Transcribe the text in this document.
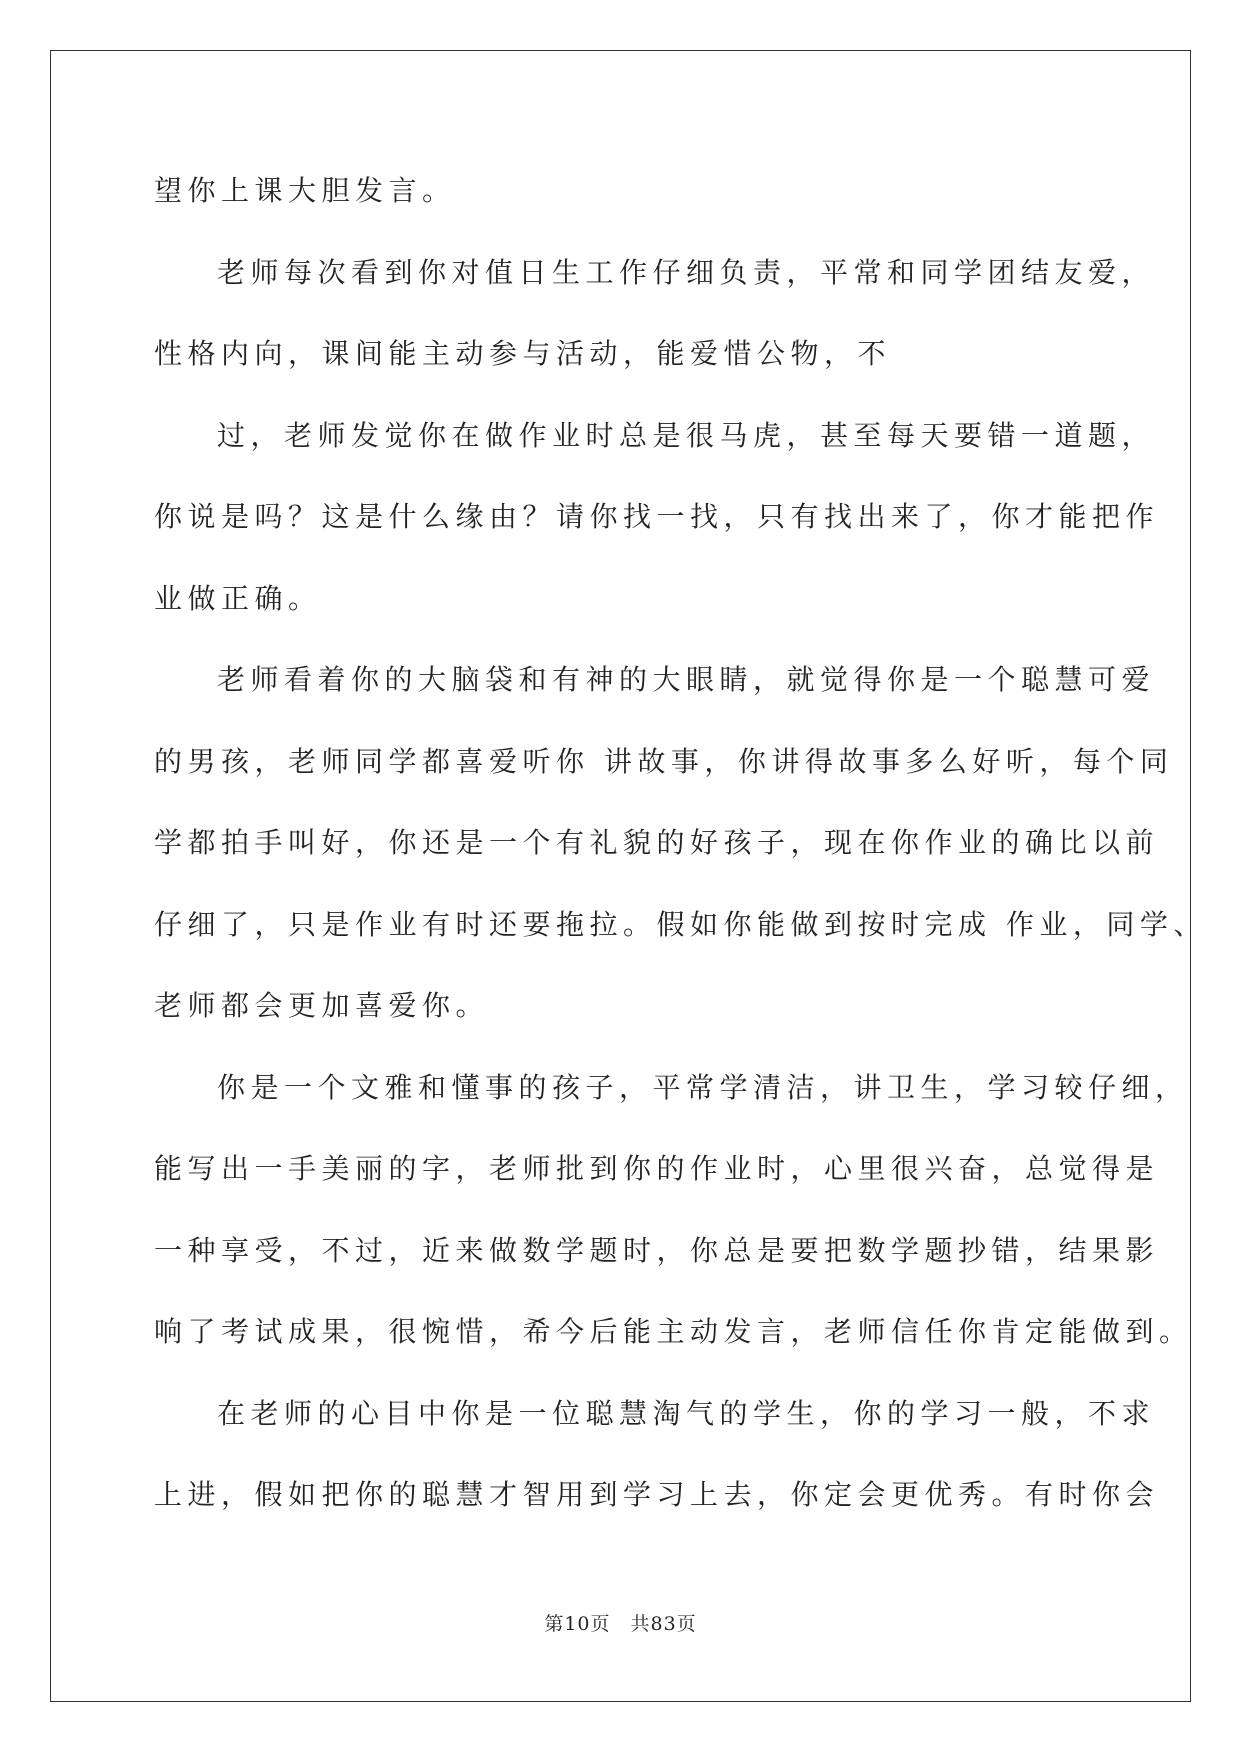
望你上课大胆发言。
老师每次看到你对值日生工作仔细负责，平常和同学团结友爱，
性格内向，课间能主动参与活动，能爱惜公物，不
过，老师发觉你在做作业时总是很马虎，甚至每天要错一道题，
你说是吗？这是什么缘由？请你找一找，只有找出来了，你才能把作
业做正确。
老师看着你的大脑袋和有神的大眼睛，就觉得你是一个聪慧可爱
的男孩，老师同学都喜爱听你 讲故事，你讲得故事多么好听，每个同
学都拍手叫好，你还是一个有礼貌的好孩子，现在你作业的确比以前
仔细了，只是作业有时还要拖拉。假如你能做到按时完成 作业，同学、
老师都会更加喜爱你。
你是一个文雅和懂事的孩子，平常学清洁，讲卫生，学习较仔细，
能写出一手美丽的字，老师批到你的作业时，心里很兴奋，总觉得是
一种享受，不过，近来做数学题时，你总是要把数学题抄错，结果影
响了考试成果，很惋惜，希今后能主动发言，老师信任你肯定能做到。
在老师的心目中你是一位聪慧淘气的学生，你的学习一般，不求
上进，假如把你的聪慧才智用到学习上去，你定会更优秀。有时你会
第10页　共83页
